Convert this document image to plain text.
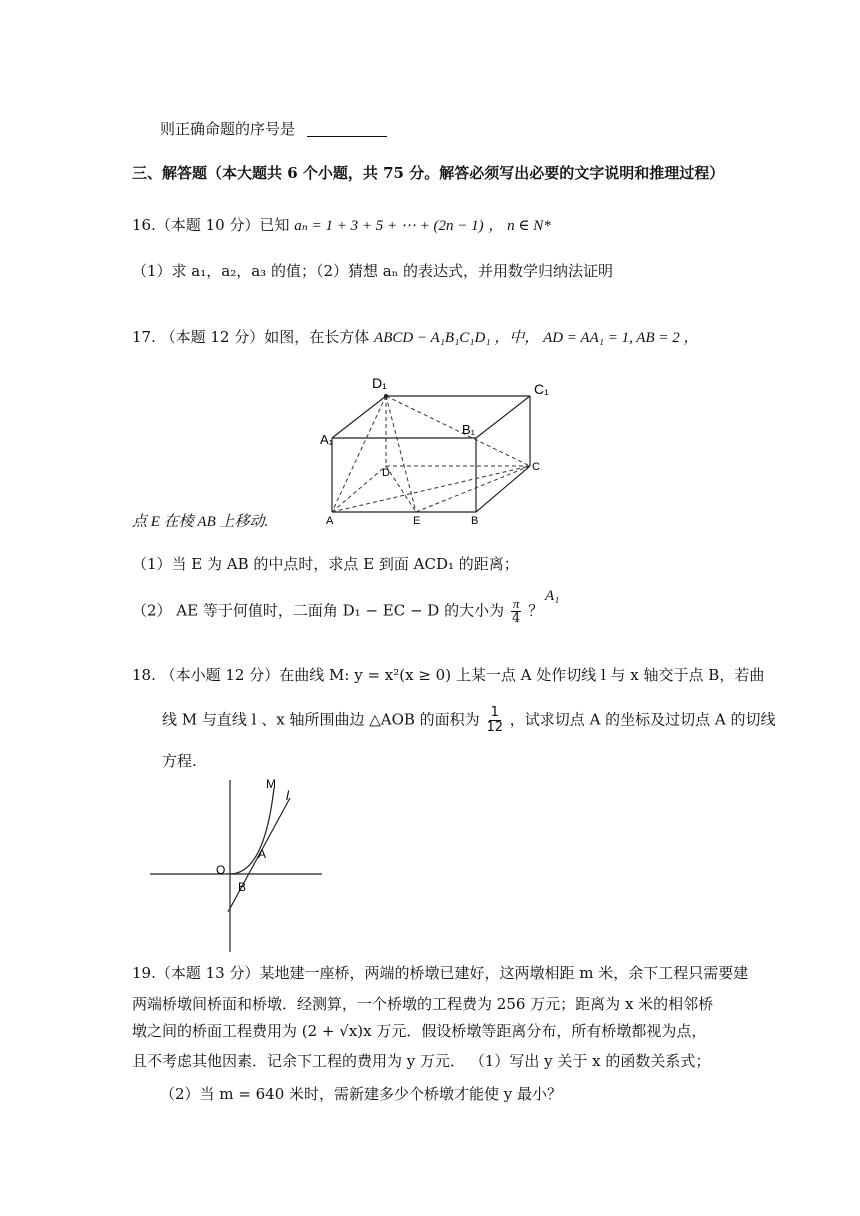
则正确命题的序号是
三、解答题（本大题共 6 个小题，共 75 分。解答必须写出必要的文字说明和推理过程）
16.（本题 10 分）已知 aₙ = 1 + 3 + 5 + ⋯ + (2n − 1) ， n ∈ N*
（1）求 a₁，a₂，a₃ 的值；（2）猜想 aₙ 的表达式，并用数学归纳法证明
17. （本题 12 分）如图，在长方体 ABCD − A₁B₁C₁D₁ ，中， AD = AA₁ = 1, AB = 2 ，
D₁	C₁
A₁
B₁
D	C
A	E	B
点 E 在棱 AB 上移动.
（1）当 E 为 AB 的中点时，求点 E 到面 ACD₁ 的距离；
（2） AE 等于何值时，二面角 D₁ − EC − D 的大小为 $\frac{\pi}{4}$ ？
A₁
18. （本小题 12 分）在曲线 M: y = x²(x ≥ 0) 上某一点 A 处作切线 l 与 x 轴交于点 B，若曲
线 M 与直线 l 、x 轴所围曲边 △AOB 的面积为 $\frac{1}{12}$ ，试求切点 A 的坐标及过切点 A 的切线
方程.
M
l
A
O
B
19.（本题 13 分）某地建一座桥，两端的桥墩已建好，这两墩相距 m 米，余下工程只需要建
两端桥墩间桥面和桥墩．经测算，一个桥墩的工程费为 256 万元；距离为 x 米的相邻桥
墩之间的桥面工程费用为 (2 + √x)x 万元．假设桥墩等距离分布，所有桥墩都视为点，
且不考虑其他因素．记余下工程的费用为 y 万元． （1）写出 y 关于 x 的函数关系式；
（2）当 m = 640 米时，需新建多少个桥墩才能使 y 最小？
